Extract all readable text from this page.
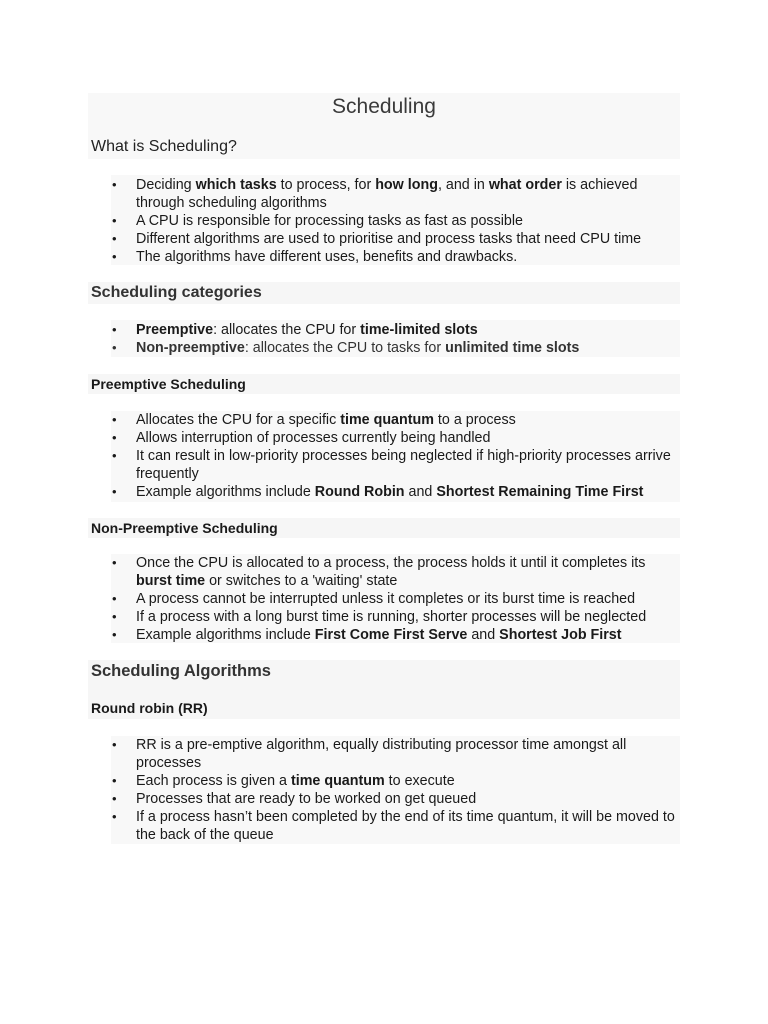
Scheduling
What is Scheduling?
• Deciding which tasks to process, for how long, and in what order is achieved through scheduling algorithms
• A CPU is responsible for processing tasks as fast as possible
• Different algorithms are used to prioritise and process tasks that need CPU time
• The algorithms have different uses, benefits and drawbacks.
Scheduling categories
• Preemptive: allocates the CPU for time-limited slots
• Non-preemptive: allocates the CPU to tasks for unlimited time slots
Preemptive Scheduling
• Allocates the CPU for a specific time quantum to a process
• Allows interruption of processes currently being handled
• It can result in low-priority processes being neglected if high-priority processes arrive frequently
• Example algorithms include Round Robin and Shortest Remaining Time First
Non-Preemptive Scheduling
• Once the CPU is allocated to a process, the process holds it until it completes its burst time or switches to a 'waiting' state
• A process cannot be interrupted unless it completes or its burst time is reached
• If a process with a long burst time is running, shorter processes will be neglected
• Example algorithms include First Come First Serve and Shortest Job First
Scheduling Algorithms
Round robin (RR)
• RR is a pre-emptive algorithm, equally distributing processor time amongst all processes
• Each process is given a time quantum to execute
• Processes that are ready to be worked on get queued
• If a process hasn’t been completed by the end of its time quantum, it will be moved to the back of the queue
